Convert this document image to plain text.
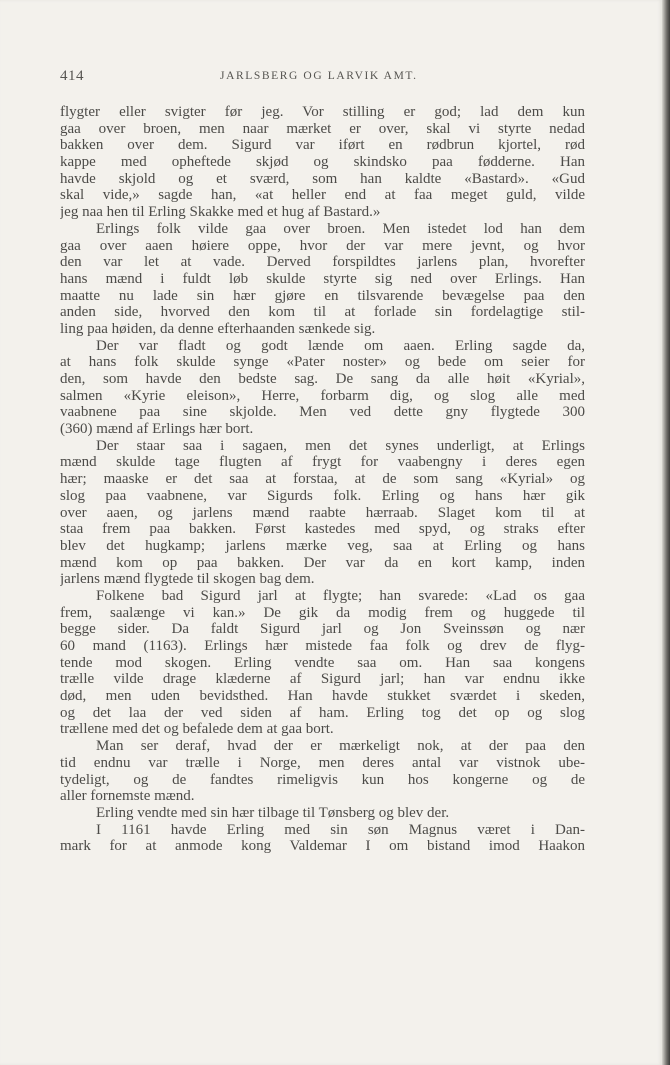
414	JARLSBERG OG LARVIK AMT.
flygter eller svigter før jeg. Vor stilling er god; lad dem kun
gaa over broen, men naar mærket er over, skal vi styrte nedad
bakken over dem. Sigurd var iført en rødbrun kjortel, rød
kappe med opheftede skjød og skindsko paa fødderne. Han
havde skjold og et sværd, som han kaldte «Bastard». «Gud
skal vide,» sagde han, «at heller end at faa meget guld, vilde
jeg naa hen til Erling Skakke med et hug af Bastard.»
Erlings folk vilde gaa over broen. Men istedet lod han dem
gaa over aaen høiere oppe, hvor der var mere jevnt, og hvor
den var let at vade. Derved forspildtes jarlens plan, hvorefter
hans mænd i fuldt løb skulde styrte sig ned over Erlings. Han
maatte nu lade sin hær gjøre en tilsvarende bevægelse paa den
anden side, hvorved den kom til at forlade sin fordelagtige stil-
ling paa høiden, da denne efterhaanden sænkede sig.
Der var fladt og godt lænde om aaen. Erling sagde da,
at hans folk skulde synge «Pater noster» og bede om seier for
den, som havde den bedste sag. De sang da alle høit «Kyrial»,
salmen «Kyrie eleison», Herre, forbarm dig, og slog alle med
vaabnene paa sine skjolde. Men ved dette gny flygtede 300
(360) mænd af Erlings hær bort.
Der staar saa i sagaen, men det synes underligt, at Erlings
mænd skulde tage flugten af frygt for vaabengny i deres egen
hær; maaske er det saa at forstaa, at de som sang «Kyrial» og
slog paa vaabnene, var Sigurds folk. Erling og hans hær gik
over aaen, og jarlens mænd raabte hærraab. Slaget kom til at
staa frem paa bakken. Først kastedes med spyd, og straks efter
blev det hugkamp; jarlens mærke veg, saa at Erling og hans
mænd kom op paa bakken. Der var da en kort kamp, inden
jarlens mænd flygtede til skogen bag dem.
Folkene bad Sigurd jarl at flygte; han svarede: «Lad os gaa
frem, saalænge vi kan.» De gik da modig frem og huggede til
begge sider. Da faldt Sigurd jarl og Jon Sveinssøn og nær
60 mand (1163). Erlings hær mistede faa folk og drev de flyg-
tende mod skogen. Erling vendte saa om. Han saa kongens
trælle vilde drage klæderne af Sigurd jarl; han var endnu ikke
død, men uden bevidsthed. Han havde stukket sværdet i skeden,
og det laa der ved siden af ham. Erling tog det op og slog
trællene med det og befalede dem at gaa bort.
Man ser deraf, hvad der er mærkeligt nok, at der paa den
tid endnu var trælle i Norge, men deres antal var vistnok ube-
tydeligt, og de fandtes rimeligvis kun hos kongerne og de
aller fornemste mænd.
Erling vendte med sin hær tilbage til Tønsberg og blev der.
I 1161 havde Erling med sin søn Magnus været i Dan-
mark for at anmode kong Valdemar I om bistand imod Haakon
